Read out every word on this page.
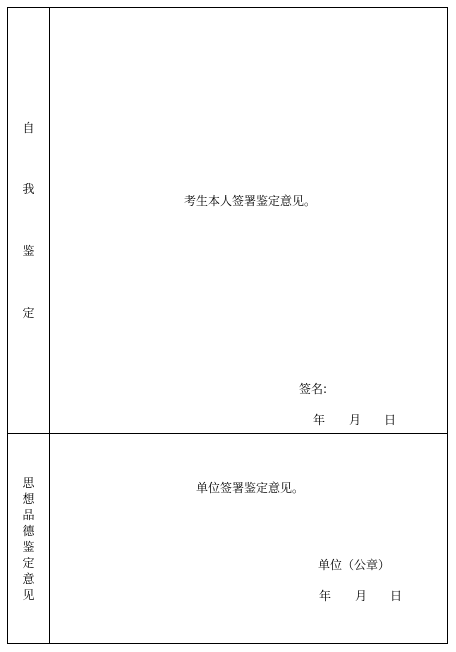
自
我
鉴
定
考生本人签署鉴定意见。
签名:
年 月 日
思
想
品
德
鉴
定
意
见
单位签署鉴定意见。
单位（公章）
年 月 日
